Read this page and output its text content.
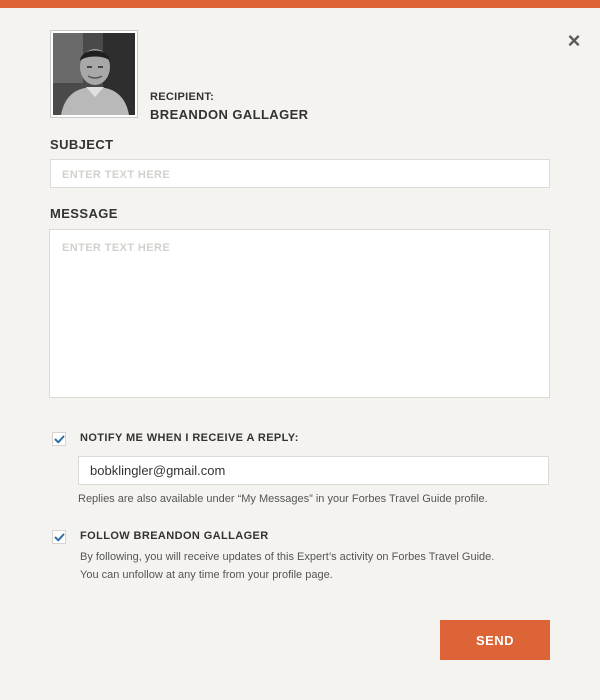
×
RECIPIENT:
BREANDON GALLAGER
SUBJECT
ENTER TEXT HERE
MESSAGE
ENTER TEXT HERE
NOTIFY ME WHEN I RECEIVE A REPLY:
bobklingler@gmail.com
Replies are also available under “My Messages” in your Forbes Travel Guide profile.
FOLLOW BREANDON GALLAGER
By following, you will receive updates of this Expert’s activity on Forbes Travel Guide.
You can unfollow at any time from your profile page.
SEND
